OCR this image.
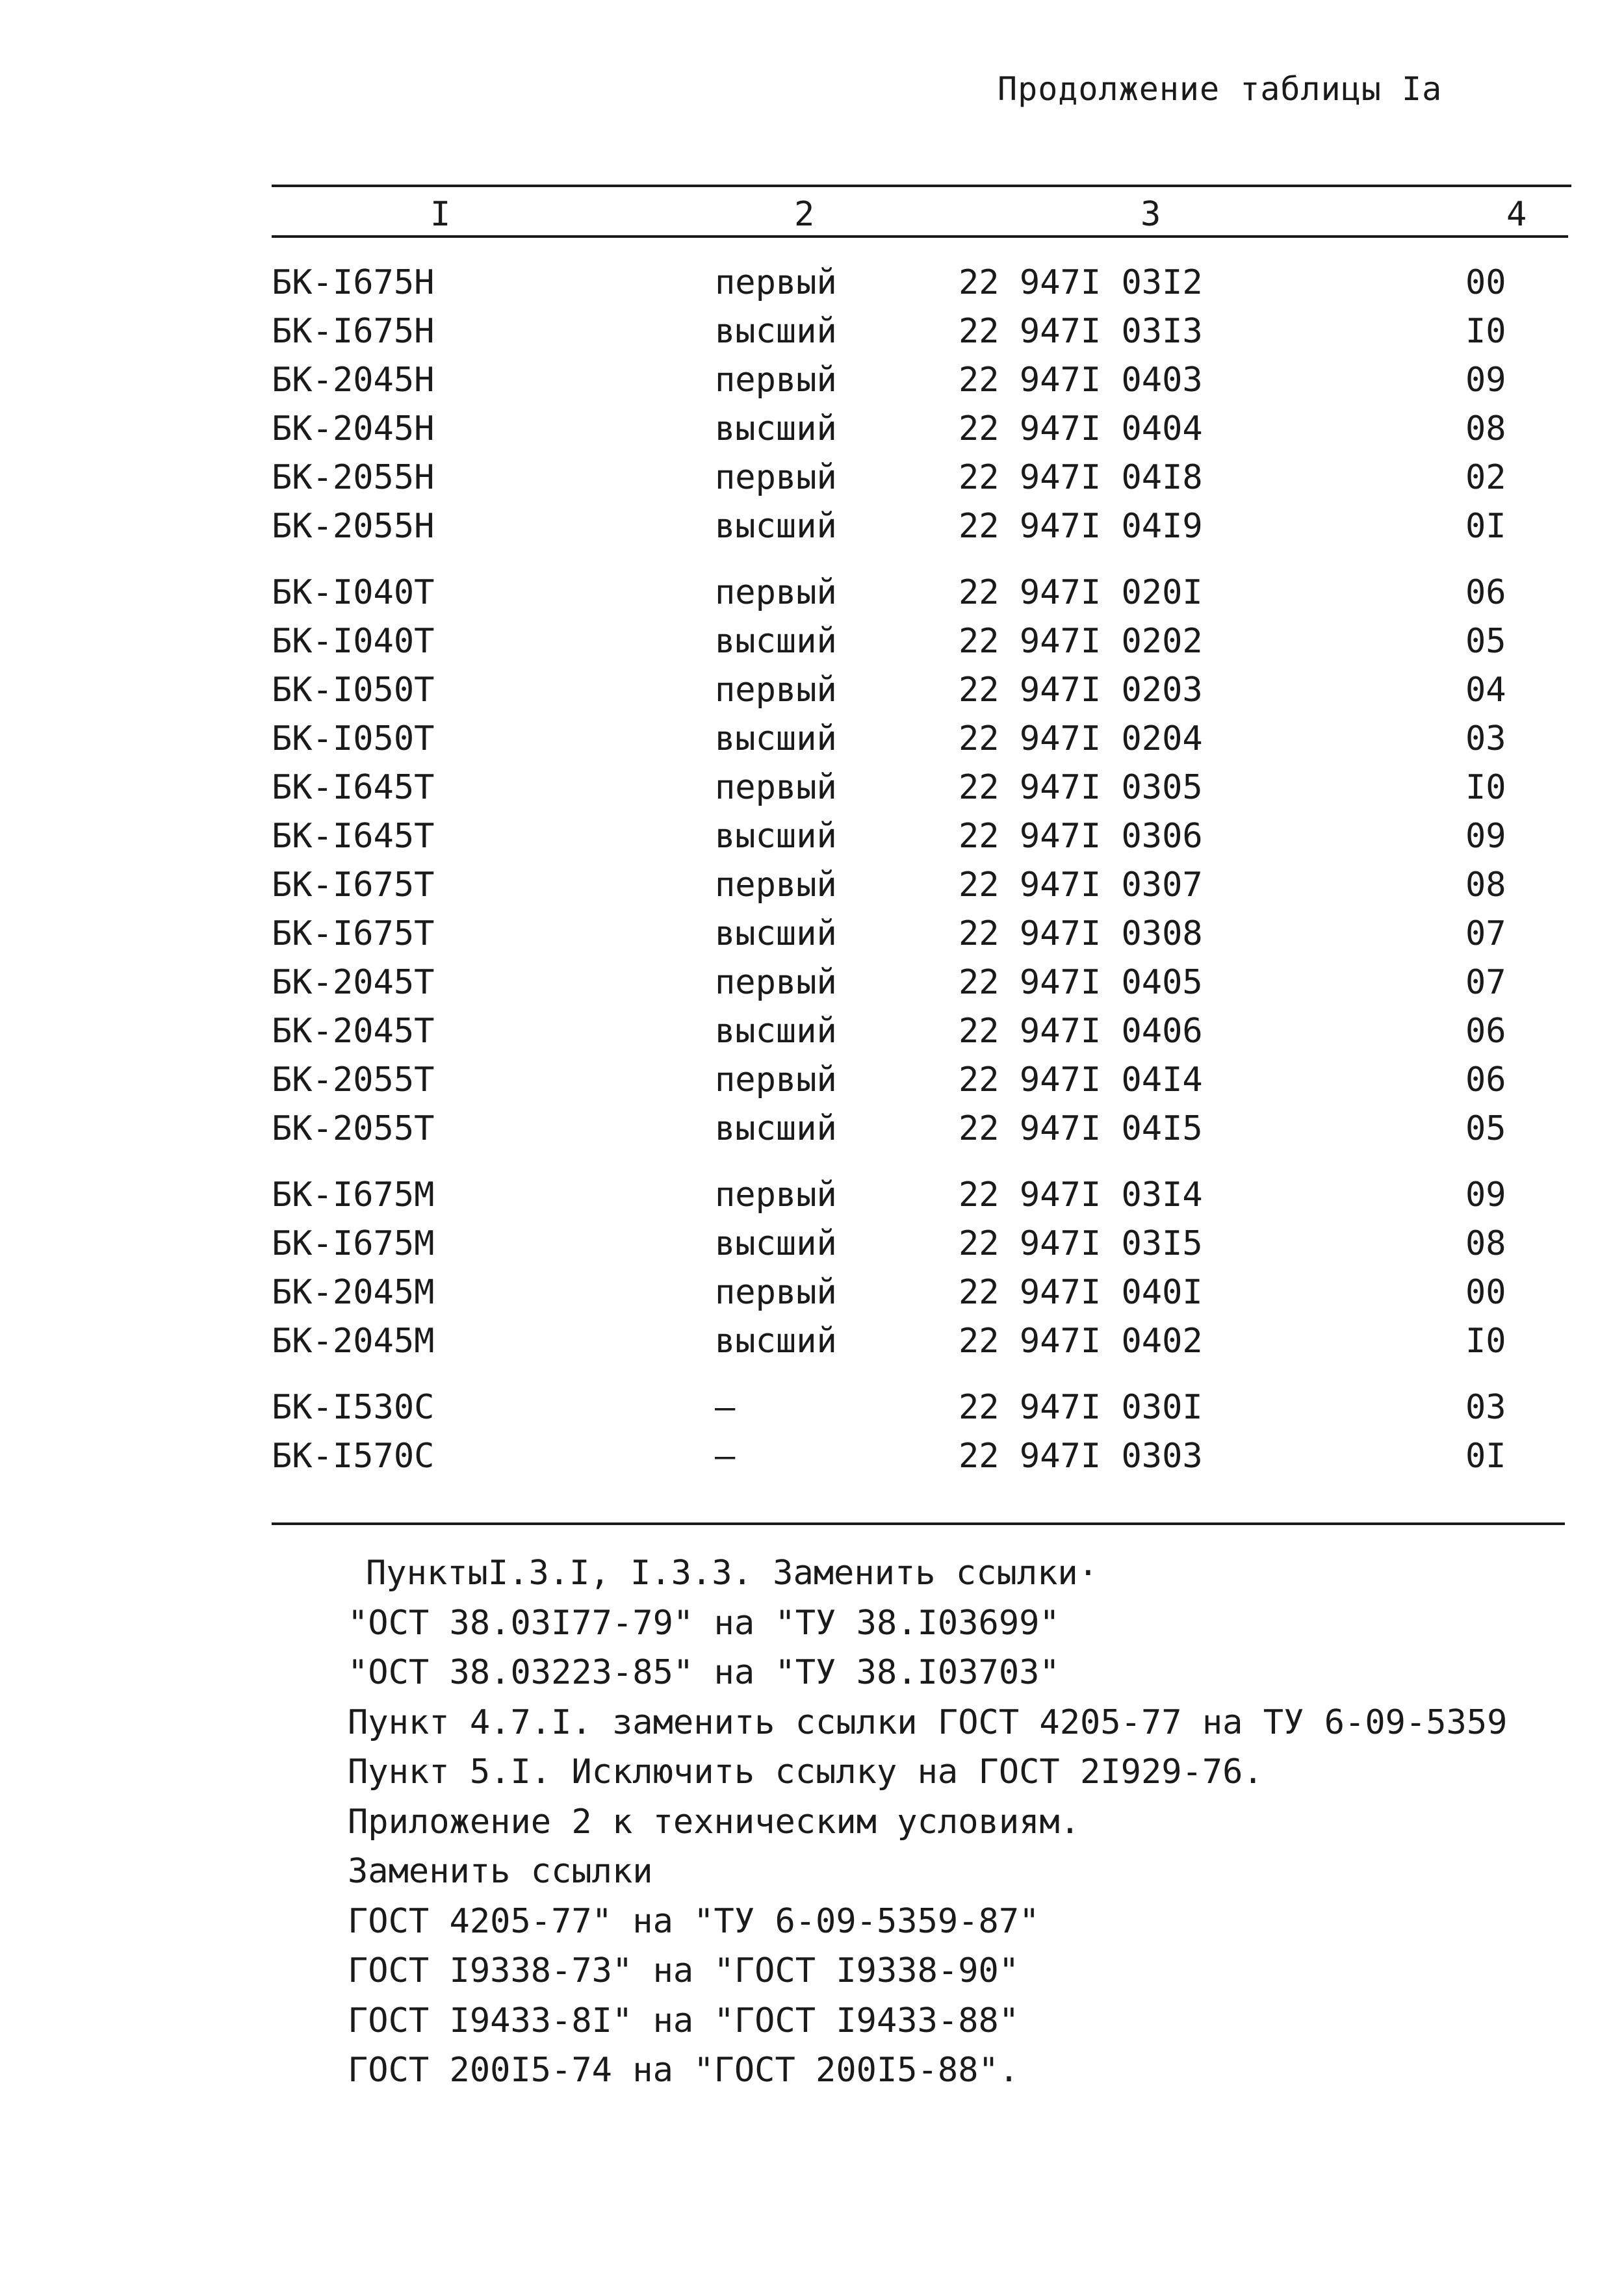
Продолжение таблицы Iа
I	2	3	4
БК-I675Н	первый	22 947I 03I2	00
БК-I675Н	высший	22 947I 03I3	I0
БК-2045Н	первый	22 947I 0403	09
БК-2045Н	высший	22 947I 0404	08
БК-2055Н	первый	22 947I 04I8	02
БК-2055Н	высший	22 947I 04I9	0I
БК-I040Т	первый	22 947I 020I	06
БК-I040Т	высший	22 947I 0202	05
БК-I050Т	первый	22 947I 0203	04
БК-I050Т	высший	22 947I 0204	03
БК-I645Т	первый	22 947I 0305	I0
БК-I645Т	высший	22 947I 0306	09
БК-I675Т	первый	22 947I 0307	08
БК-I675Т	высший	22 947I 0308	07
БК-2045Т	первый	22 947I 0405	07
БК-2045Т	высший	22 947I 0406	06
БК-2055Т	первый	22 947I 04I4	06
БК-2055Т	высший	22 947I 04I5	05
БК-I675М	первый	22 947I 03I4	09
БК-I675М	высший	22 947I 03I5	08
БК-2045М	первый	22 947I 040I	00
БК-2045М	высший	22 947I 0402	I0
БК-I530С	–	22 947I 030I	03
БК-I570С	–	22 947I 0303	0I
ПунктыI.3.I, I.3.3. Заменить ссылки·
"ОСТ 38.03I77-79" на "ТУ 38.I03699"
"ОСТ 38.03223-85" на "ТУ 38.I03703"
Пункт 4.7.I. заменить ссылки ГОСТ 4205-77 на ТУ 6-09-5359
Пункт 5.I. Исключить ссылку на ГОСТ 2I929-76.
Приложение 2 к техническим условиям.
Заменить ссылки
ГОСТ 4205-77" на "ТУ 6-09-5359-87"
ГОСТ I9338-73" на "ГОСТ I9338-90"
ГОСТ I9433-8I" на "ГОСТ I9433-88"
ГОСТ 200I5-74 на "ГОСТ 200I5-88".
